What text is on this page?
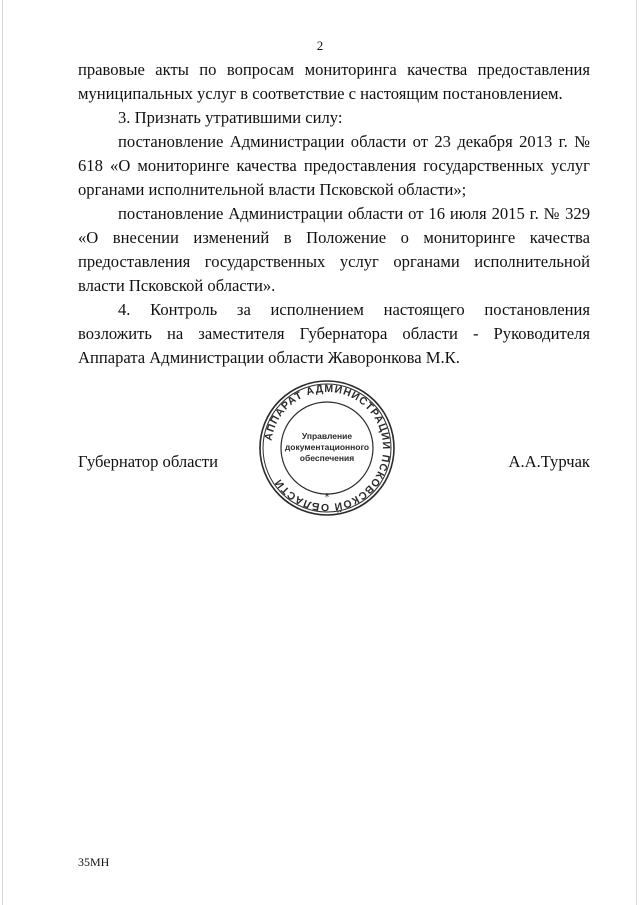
2

правовые акты по вопросам мониторинга качества предоставления муниципальных услуг в соответствие с настоящим постановлением.

3. Признать утратившими силу:

постановление Администрации области от 23 декабря 2013 г. № 618 «О мониторинге качества предоставления государственных услуг органами исполнительной власти Псковской области»;

постановление Администрации области от 16 июля 2015 г. № 329 «О внесении изменений в Положение о мониторинге качества предоставления государственных услуг органами исполнительной власти Псковской области».

4. Контроль за исполнением настоящего постановления возложить на заместителя Губернатора области - Руководителя Аппарата Администрации области Жаворонкова М.К.

Губернатор области	А.А.Турчак
АППАРАТ АДМИНИСТРАЦИИ ПСКОВСКОЙ ОБЛАСТИ
Управление
документационного
обеспечения
*
35МН
